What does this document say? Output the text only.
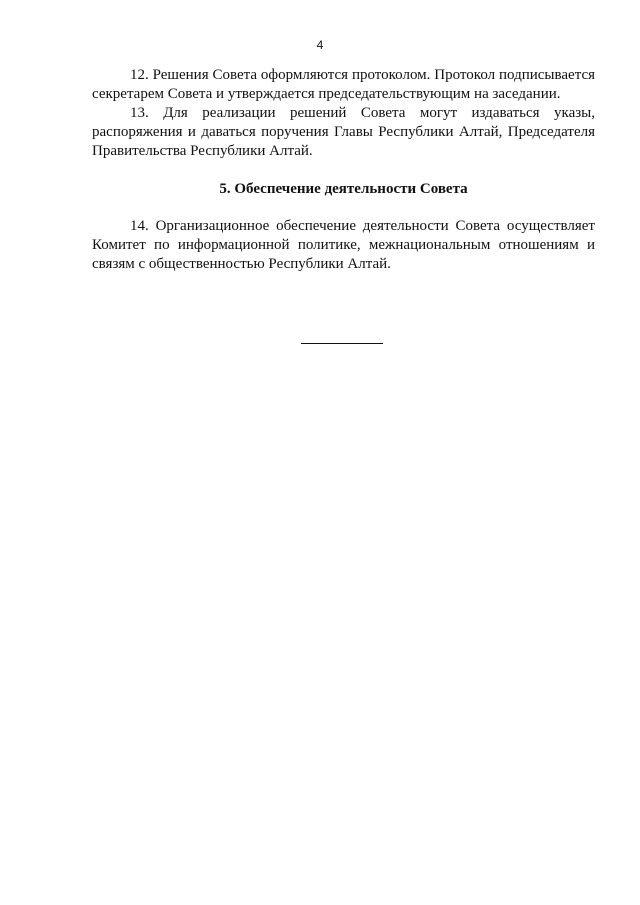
4

12. Решения Совета оформляются протоколом. Протокол подписывается секретарем Совета и утверждается председательствующим на заседании.

13. Для реализации решений Совета могут издаваться указы, распоряжения и даваться поручения Главы Республики Алтай, Председателя Правительства Республики Алтай.

5. Обеспечение деятельности Совета

14. Организационное обеспечение деятельности Совета осуществляет Комитет по информационной политике, межнациональным отношениям и связям с общественностью Республики Алтай.
